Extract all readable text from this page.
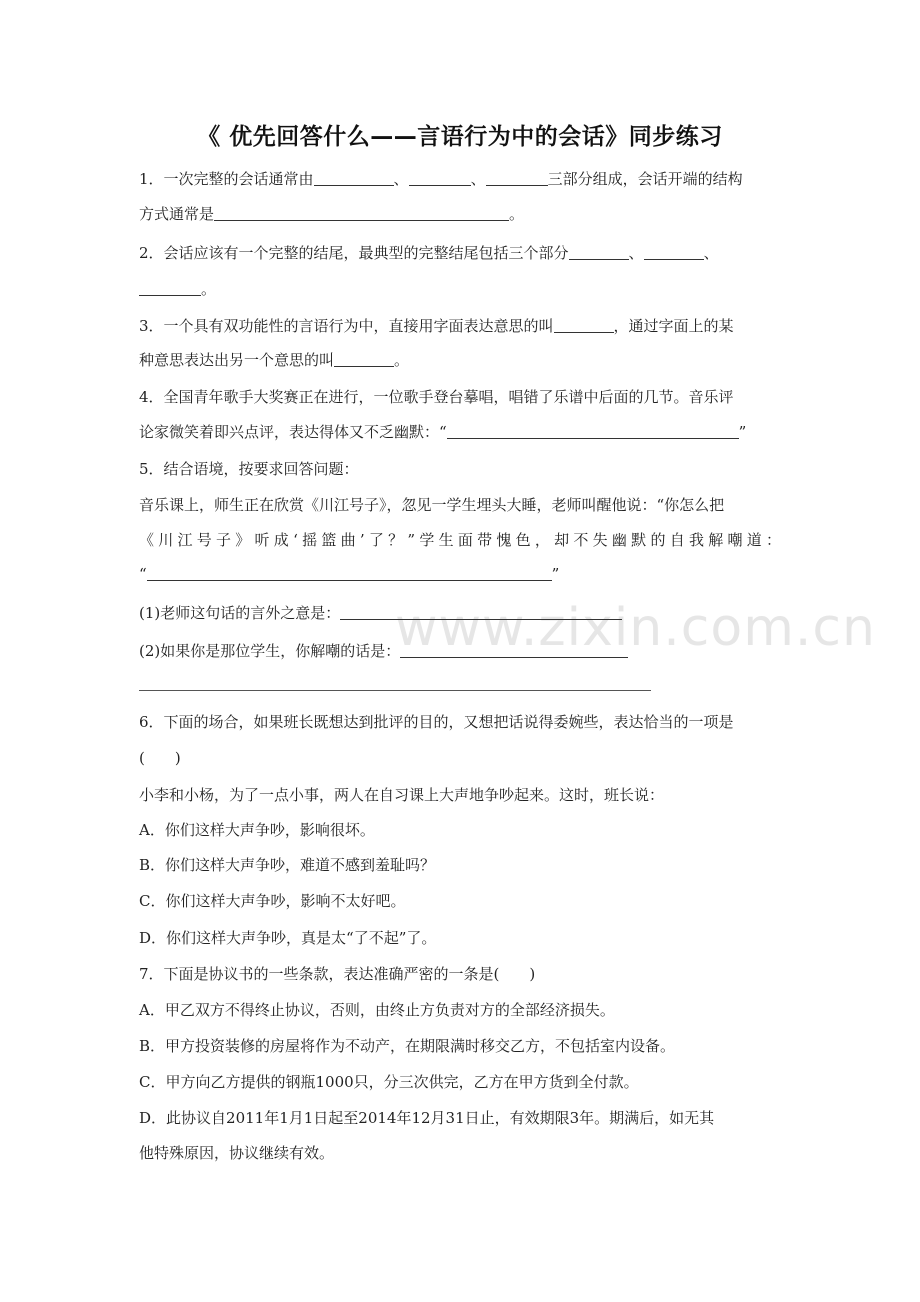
www.zixin.com.cn
《 优先回答什么——言语行为中的会话》同步练习
1．一次完整的会话通常由	、	、	三部分组成，会话开端的结构
方式通常是	。
2．会话应该有一个完整的结尾，最典型的完整结尾包括三个部分	、	、
。
3．一个具有双功能性的言语行为中，直接用字面表达意思的叫	，通过字面上的某
种意思表达出另一个意思的叫	。
4．全国青年歌手大奖赛正在进行，一位歌手登台摹唱，唱错了乐谱中后面的几节。音乐评
论家微笑着即兴点评，表达得体又不乏幽默：“	”
5．结合语境，按要求回答问题：
音乐课上，师生正在欣赏《川江号子》，忽见一学生埋头大睡，老师叫醒他说：“你怎么把
《川江号子》听成‘摇篮曲’了？”学生面带愧色，却不失幽默的自我解嘲道：
“	”
(1)老师这句话的言外之意是：
(2)如果你是那位学生，你解嘲的话是：
6．下面的场合，如果班长既想达到批评的目的，又想把话说得委婉些，表达恰当的一项是
(　　)
小李和小杨，为了一点小事，两人在自习课上大声地争吵起来。这时，班长说：
A．你们这样大声争吵，影响很坏。
B．你们这样大声争吵，难道不感到羞耻吗？
C．你们这样大声争吵，影响不太好吧。
D．你们这样大声争吵，真是太“了不起”了。
7．下面是协议书的一些条款，表达准确严密的一条是(　　)
A．甲乙双方不得终止协议，否则，由终止方负责对方的全部经济损失。
B．甲方投资装修的房屋将作为不动产，在期限满时移交乙方，不包括室内设备。
C．甲方向乙方提供的钢瓶1000只，分三次供完，乙方在甲方货到全付款。
D．此协议自2011年1月1日起至2014年12月31日止，有效期限3年。期满后，如无其
他特殊原因，协议继续有效。
